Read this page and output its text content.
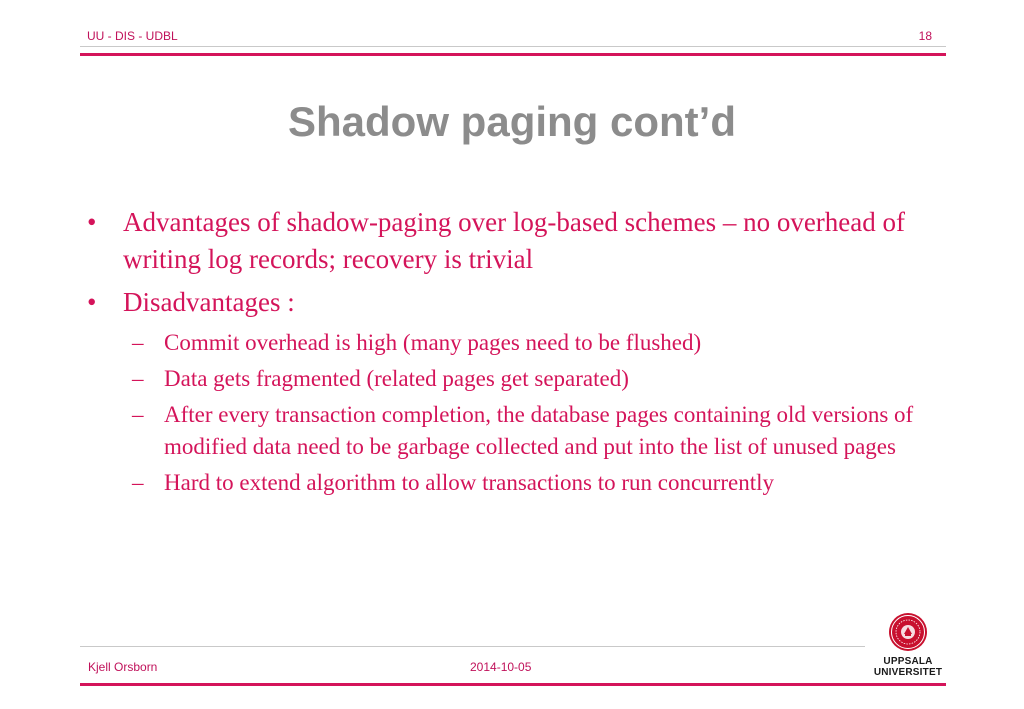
UU - DIS - UDBL	18
Shadow paging cont’d
• Advantages of shadow-paging over log-based schemes – no overhead of writing log records; recovery is trivial
• Disadvantages :
– Commit overhead is high (many pages need to be flushed)
– Data gets fragmented (related pages get separated)
– After every transaction completion, the database pages containing old versions of modified data need to be garbage collected and put into the list of unused pages
– Hard to extend algorithm to allow transactions to run concurrently
Kjell Orsborn	2014-10-05	UPPSALA
UNIVERSITET
